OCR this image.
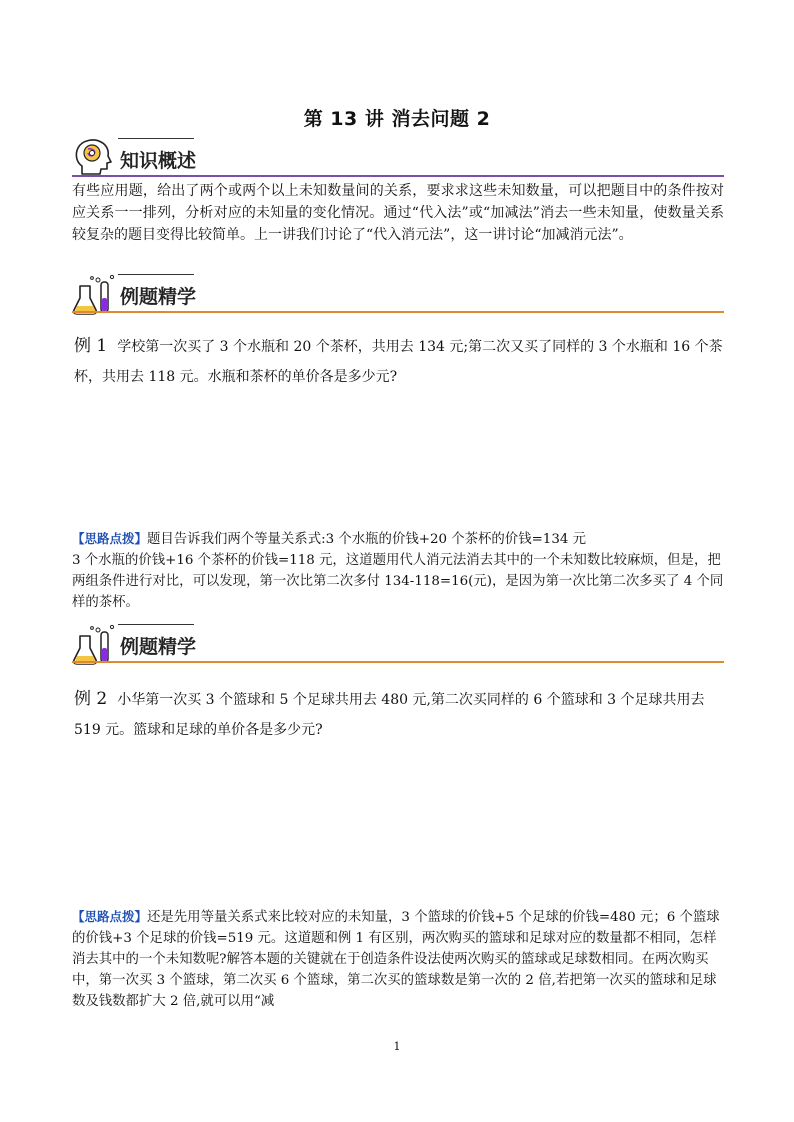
第 13 讲 消去问题 2
知识概述
有些应用题，给出了两个或两个以上未知数量间的关系，要求求这些未知数量，可以把题目中的条件按对应关系一一排列，分析对应的未知量的变化情况。通过“代入法”或“加减法”消去一些未知量，使数量关系较复杂的题目变得比较简单。上一讲我们讨论了“代入消元法”，这一讲讨论“加减消元法”。
例题精学
例 1 学校第一次买了 3 个水瓶和 20 个茶杯，共用去 134 元;第二次又买了同样的 3 个水瓶和 16 个茶杯，共用去 118 元。水瓶和茶杯的单价各是多少元?
【思路点拨】题目告诉我们两个等量关系式:3 个水瓶的价钱+20 个茶杯的价钱=134 元
3 个水瓶的价钱+16 个茶杯的价钱=118 元，这道题用代人消元法消去其中的一个未知数比较麻烦，但是，把两组条件进行对比，可以发现，第一次比第二次多付 134-118=16(元)，是因为第一次比第二次多买了 4 个同样的茶杯。
例题精学
例 2 小华第一次买 3 个篮球和 5 个足球共用去 480 元,第二次买同样的 6 个篮球和 3 个足球共用去 519 元。篮球和足球的单价各是多少元?
【思路点拨】还是先用等量关系式来比较对应的未知量，3 个篮球的价钱+5 个足球的价钱=480 元；6 个篮球的价钱+3 个足球的价钱=519 元。这道题和例 1 有区别，两次购买的篮球和足球对应的数量都不相同，怎样消去其中的一个未知数呢?解答本题的关键就在于创造条件设法使两次购买的篮球或足球数相同。在两次购买中，第一次买 3 个篮球，第二次买 6 个篮球，第二次买的篮球数是第一次的 2 倍,若把第一次买的篮球和足球数及钱数都扩大 2 倍,就可以用“减
1
